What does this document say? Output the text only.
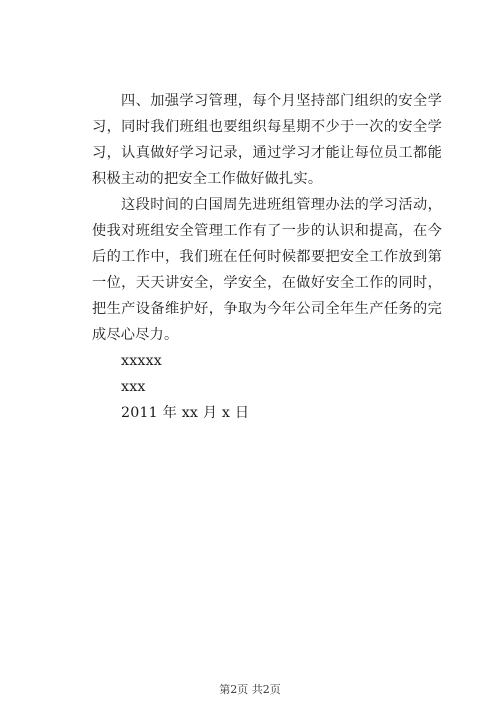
四、加强学习管理，每个月坚持部门组织的安全学习，同时我们班组也要组织每星期不少于一次的安全学习，认真做好学习记录，通过学习才能让每位员工都能积极主动的把安全工作做好做扎实。

这段时间的白国周先进班组管理办法的学习活动，使我对班组安全管理工作有了一步的认识和提高，在今后的工作中，我们班在任何时候都要把安全工作放到第一位，天天讲安全，学安全，在做好安全工作的同时，把生产设备维护好，争取为今年公司全年生产任务的完成尽心尽力。

xxxxx

xxx

2011 年 xx 月 x 日

第2页 共2页
